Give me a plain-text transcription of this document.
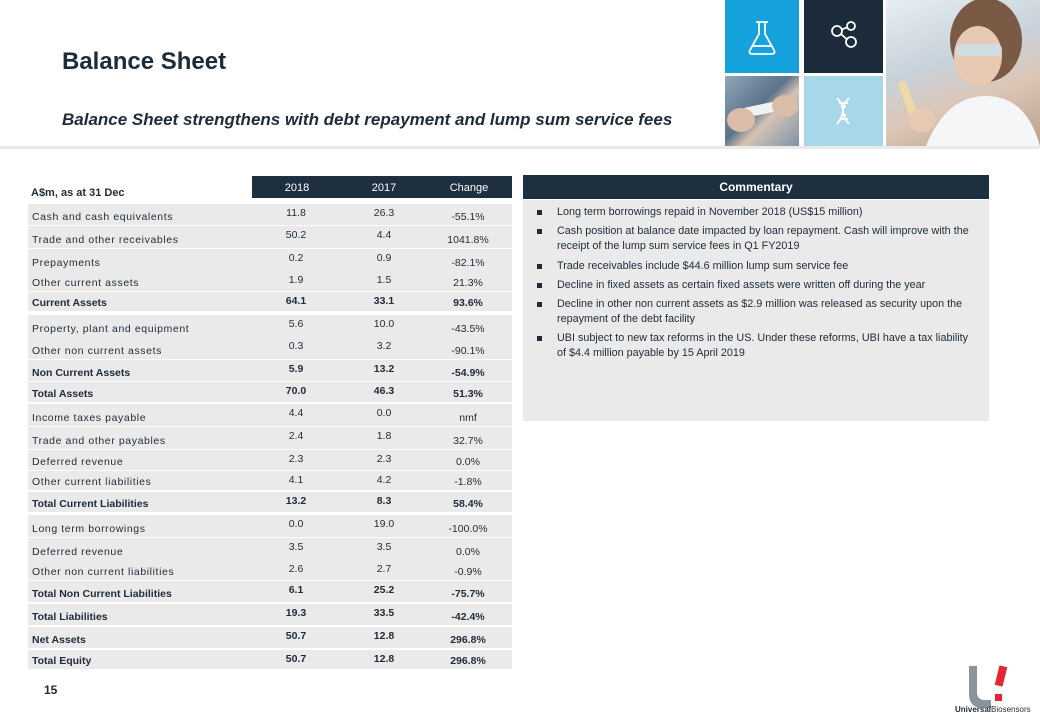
Balance Sheet
Balance Sheet strengthens with debt repayment and lump sum service fees
A$m, as at 31 Dec	2018	2017	Change
Cash and cash equivalents	11.8	26.3	-55.1%
Trade and other receivables	50.2	4.4	1041.8%
Prepayments	0.2	0.9	-82.1%
Other current assets	1.9	1.5	21.3%
Current Assets	64.1	33.1	93.6%
Property, plant and equipment	5.6	10.0	-43.5%
Other non current assets	0.3	3.2	-90.1%
Non Current Assets	5.9	13.2	-54.9%
Total Assets	70.0	46.3	51.3%
Income taxes payable	4.4	0.0	nmf
Trade and other payables	2.4	1.8	32.7%
Deferred revenue	2.3	2.3	0.0%
Other current liabilities	4.1	4.2	-1.8%
Total Current Liabilities	13.2	8.3	58.4%
Long term borrowings	0.0	19.0	-100.0%
Deferred revenue	3.5	3.5	0.0%
Other non current liabilities	2.6	2.7	-0.9%
Total Non Current Liabilities	6.1	25.2	-75.7%
Total Liabilities	19.3	33.5	-42.4%
Net Assets	50.7	12.8	296.8%
Total Equity	50.7	12.8	296.8%
Commentary
Long term borrowings repaid in November 2018 (US$15 million)
Cash position at balance date impacted by loan repayment. Cash will improve with the receipt of the lump sum service fees in Q1 FY2019
Trade receivables include $44.6 million lump sum service fee
Decline in fixed assets as certain fixed assets were written off during the year
Decline in other non current assets as $2.9 million was released as security upon the repayment of the debt facility
UBI subject to new tax reforms in the US. Under these reforms, UBI have a tax liability of $4.4 million payable by 15 April 2019
15
UniversalBiosensors
